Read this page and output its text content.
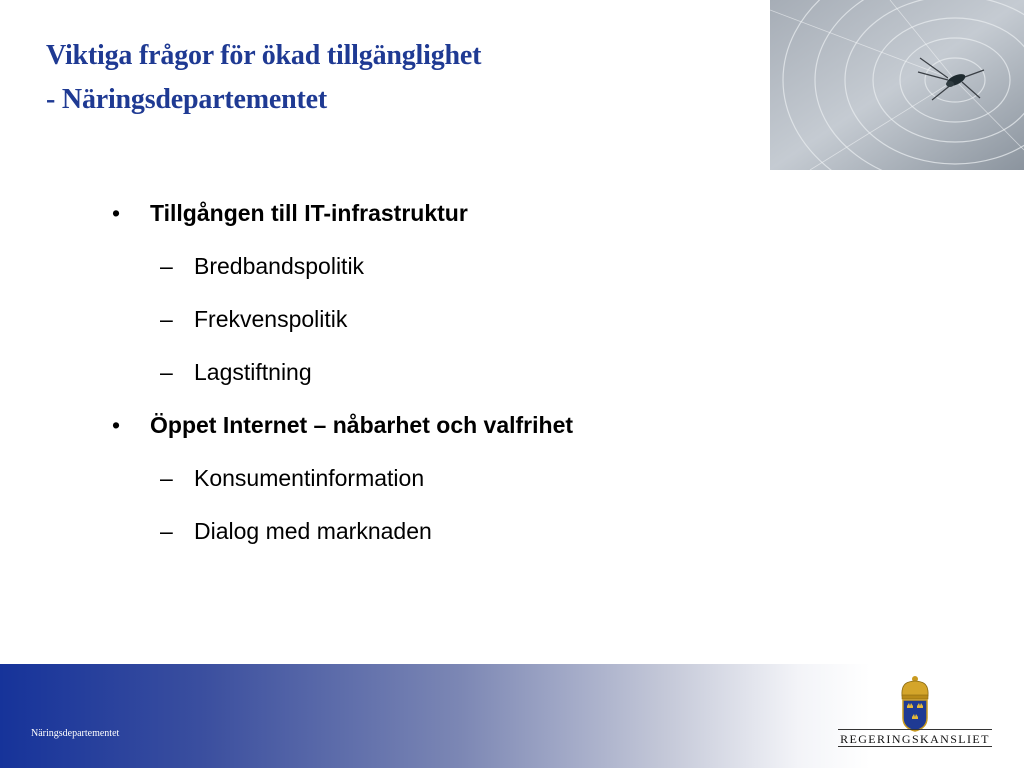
Viktiga frågor för ökad tillgänglighet
- Näringsdepartementet
• Tillgången till IT-infrastruktur
– Bredbandspolitik
– Frekvenspolitik
– Lagstiftning
• Öppet Internet – nåbarhet och valfrihet
– Konsumentinformation
– Dialog med marknaden
Näringsdepartementet	REGERINGSKANSLIET
